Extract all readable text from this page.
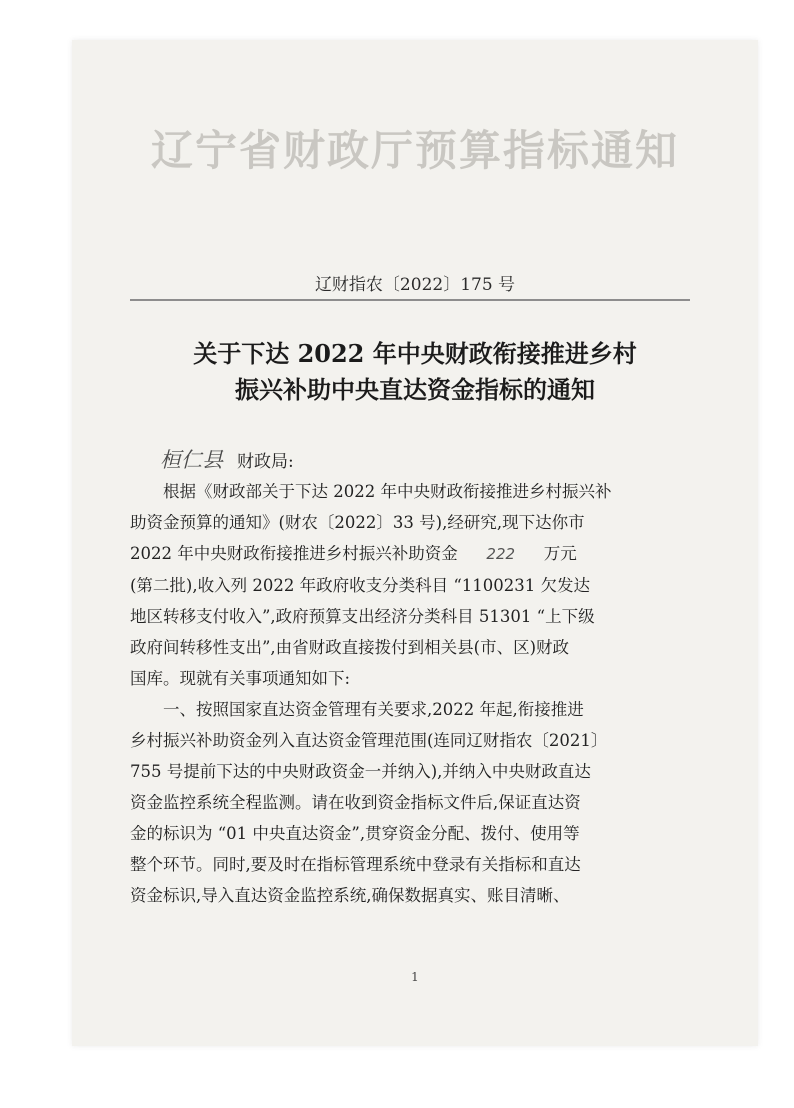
辽宁省财政厅预算指标通知
辽财指农〔2022〕175 号
关于下达 2022 年中央财政衔接推进乡村
振兴补助中央直达资金指标的通知
桓仁县 财政局:

根据《财政部关于下达 2022 年中央财政衔接推进乡村振兴补
助资金预算的通知》(财农〔2022〕33 号),经研究,现下达你市
2022 年中央财政衔接推进乡村振兴补助资金 222 万元
(第二批),收入列 2022 年政府收支分类科目 “1100231 欠发达
地区转移支付收入”,政府预算支出经济分类科目 51301 “上下级
政府间转移性支出”,由省财政直接拨付到相关县(市、区)财政
国库。现就有关事项通知如下:

一、按照国家直达资金管理有关要求,2022 年起,衔接推进
乡村振兴补助资金列入直达资金管理范围(连同辽财指农〔2021〕
755 号提前下达的中央财政资金一并纳入),并纳入中央财政直达
资金监控系统全程监测。请在收到资金指标文件后,保证直达资
金的标识为 “01 中央直达资金”,贯穿资金分配、拨付、使用等
整个环节。同时,要及时在指标管理系统中登录有关指标和直达
资金标识,导入直达资金监控系统,确保数据真实、账目清晰、

1
